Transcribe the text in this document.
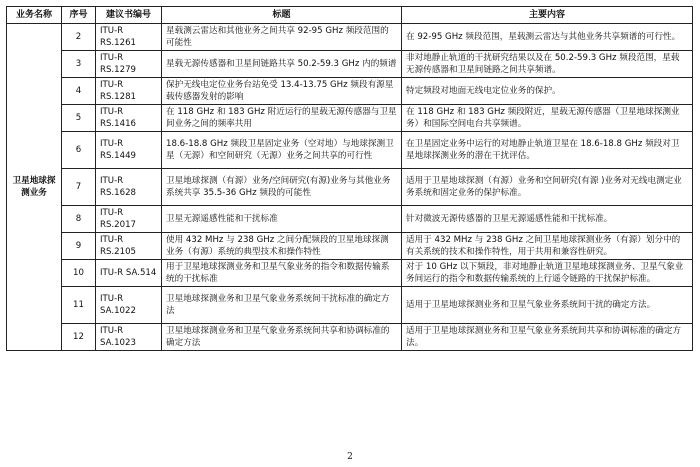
业务名称	序号	建议书编号	标题	主要内容
卫星地球探测业务	2	ITU-R RS.1261	星载测云雷达和其他业务之间共享 92-95 GHz 频段范围的可能性	在 92-95 GHz 频段范围，星载测云雷达与其他业务共享频谱的可行性。
	3	ITU-R RS.1279	星载无源传感器和卫星间链路共享 50.2-59.3 GHz 内的频谱	非对地静止轨道的干扰研究结果以及在 50.2-59.3 GHz 频段范围，星载无源传感器和卫星间链路之间共享频谱。
	4	ITU-R RS.1281	保护无线电定位业务台站免受 13.4-13.75 GHz 频段有源星载传感器发射的影响	特定频段对地面无线电定位业务的保护。
	5	ITU-R RS.1416	在 118 GHz 和 183 GHz 附近运行的星载无源传感器与卫星间业务之间的频率共用	在 118 GHz 和 183 GHz 频段附近，星载无源传感器（卫星地球探测业务）和国际空间电台共享频谱。
	6	ITU-R RS.1449	18.6-18.8 GHz 频段卫星固定业务（空对地）与地球探测卫星（无源）和空间研究（无源）业务之间共享的可行性	在卫星固定业务中运行的对地静止轨道卫星在 18.6-18.8 GHz 频段对卫星地球探测业务的潜在干扰评估。
	7	ITU-R RS.1628	卫星地球探测（有源）业务/空间研究(有源)业务与其他业务系统共享 35.5-36 GHz 频段的可能性	适用于卫星地球探测（有源）业务和空间研究(有源 )业务对无线电测定业务系统和固定业务的保护标准。
	8	ITU-R RS.2017	卫星无源遥感性能和干扰标准	针对微波无源传感器的卫星无源遥感性能和干扰标准。
	9	ITU-R RS.2105	使用 432 MHz 与 238 GHz 之间分配频段的卫星地球探测业务（有源）系统的典型技术和操作特性	适用于 432 MHz 与 238 GHz 之间卫星地球探测业务（有源）划分中的有关系统的技术和操作特性，用于共用和兼容性研究。
	10	ITU-R SA.514	用于卫星地球探测业务和卫星气象业务的指令和数据传输系统的干扰标准	对于 10 GHz 以下频段，非对地静止轨道卫星地球探测业务、卫星气象业务间运行的指令和数据传输系统的上行遥令链路的干扰保护标准。
	11	ITU-R SA.1022	卫星地球探测业务和卫星气象业务系统间干扰标准的确定方法	适用于卫星地球探测业务和卫星气象业务系统间干扰的确定方法。
	12	ITU-R SA.1023	卫星地球探测业务和卫星气象业务系统间共享和协调标准的确定方法	适用于卫星地球探测业务和卫星气象业务系统间共享和协调标准的确定方法。
2
